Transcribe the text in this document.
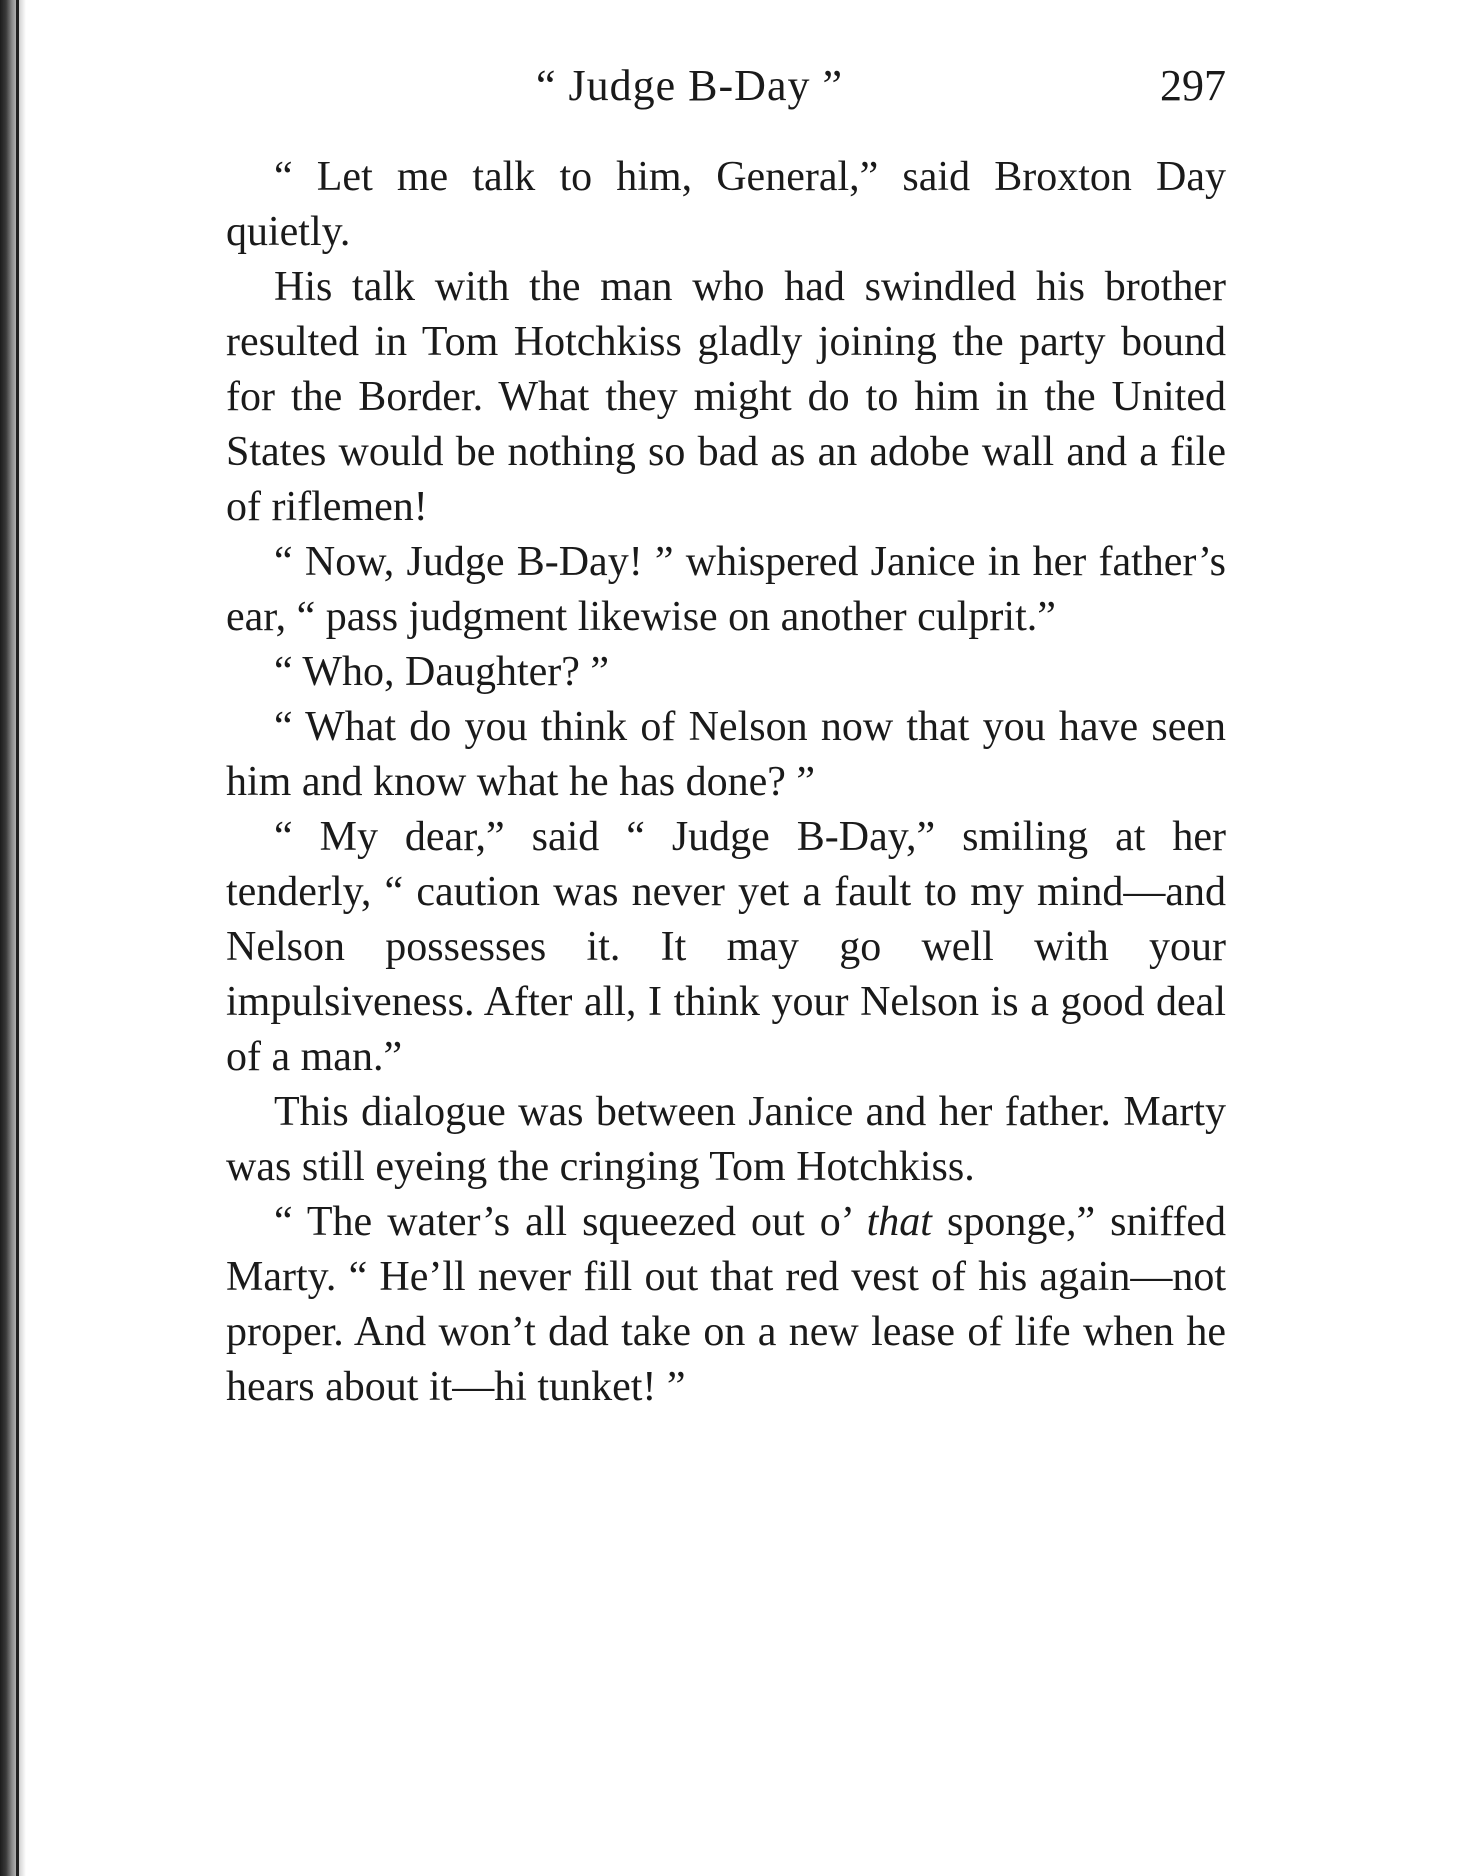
“ Judge B-Day ”	297

“ Let me talk to him, General,” said Broxton Day quietly.

His talk with the man who had swindled his brother resulted in Tom Hotchkiss gladly joining the party bound for the Border. What they might do to him in the United States would be nothing so bad as an adobe wall and a file of riflemen!

“ Now, Judge B-Day! ” whispered Janice in her father’s ear, “ pass judgment likewise on another culprit.”

“ Who, Daughter? ”

“ What do you think of Nelson now that you have seen him and know what he has done? ”

“ My dear,” said “ Judge B-Day,” smiling at her tenderly, “ caution was never yet a fault to my mind—and Nelson possesses it. It may go well with your impulsiveness. After all, I think your Nelson is a good deal of a man.”

This dialogue was between Janice and her father. Marty was still eyeing the cringing Tom Hotchkiss.

“ The water’s all squeezed out o’ that sponge,” sniffed Marty. “ He’ll never fill out that red vest of his again—not proper. And won’t dad take on a new lease of life when he hears about it—hi tunket! ”
